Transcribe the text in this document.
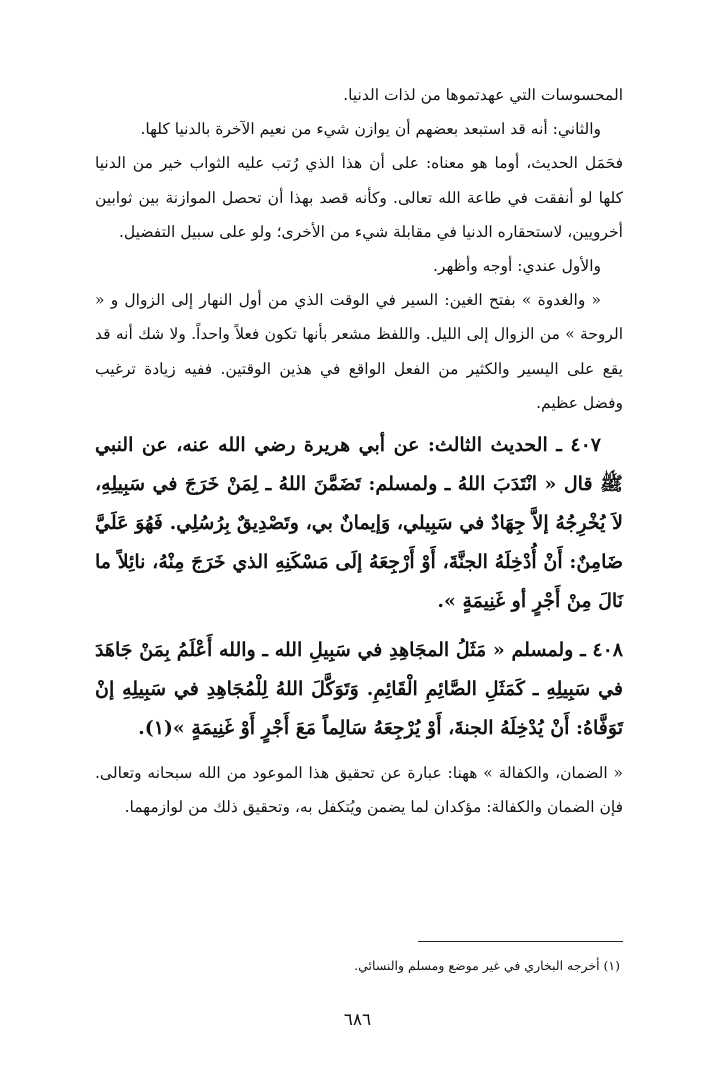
المحسوسات التي عهدتموها من لذات الدنيا.

والثاني: أنه قد استبعد بعضهم أن يوازن شيء من نعيم الآخرة بالدنيا كلها.

فحَمَل الحديث، أوما هو معناه: على أن هذا الذي رُتب عليه الثواب خير من الدنيا كلها لو أنفقت في طاعة الله تعالى. وكأنه قصد بهذا أن تحصل الموازنة بين ثوابين أخرويين، لاستحقاره الدنيا في مقابلة شيء من الأخرى؛ ولو على سبيل التفضيل.

والأول عندي: أوجه وأظهر.

« والغدوة » بفتح الغين: السير في الوقت الذي من أول النهار إلى الزوال و « الروحة » من الزوال إلى الليل. واللفظ مشعر بأنها تكون فعلاً واحداً. ولا شك أنه قد يقع على اليسير والكثير من الفعل الواقع في هذين الوقتين. ففيه زيادة ترغيب وفضل عظيم.

٤٠٧ ـ الحديث الثالث: عن أبي هريرة رضي الله عنه، عن النبي ﷺ قال « انْتَدَبَ اللهُ ـ ولمسلم: تَضَمَّنَ اللهُ ـ لِمَنْ خَرَجَ في سَبِيلِهِ، لاَ يُخْرِجُهُ إلاَّ جِهَادٌ في سَبِيلي، وَإيمانٌ بي، وتَصْدِيقٌ بِرُسُلِي. فَهُوَ عَلَيَّ ضَامِنٌ: أَنْ أُدْخِلَهُ الجنَّةَ، أَوْ أَرْجِعَهُ إلَى مَسْكَنِهِ الذي خَرَجَ مِنْهُ، نائِلاً ما نَالَ مِنْ أَجْرٍ أو غَنِيمَةٍ ».

٤٠٨ ـ ولمسلم « مَثَلُ المجَاهِدِ في سَبِيلِ الله ـ والله أَعْلَمُ بِمَنْ جَاهَدَ في سَبِيلِهِ ـ كَمَثَلِ الصَّائِمِ الْقَائِمِ. وَتَوَكَّلَ اللهُ لِلْمُجَاهِدِ في سَبِيلِهِ إنْ تَوَفَّاهُ: أَنْ يُدْخِلَهُ الجنةَ، أَوْ يُرْجِعَهُ سَالِماً مَعَ أَجْرٍ أَوْ غَنِيمَةٍ »(١).

« الضمان، والكفالة » ههنا: عبارة عن تحقيق هذا الموعود من الله سبحانه وتعالى. فإن الضمان والكفالة: مؤكدان لما يضمن ويُتكفل به، وتحقيق ذلك من لوازمهما.

(١) أخرجه البخاري في غير موضع ومسلم والنسائي.
٦٨٦
